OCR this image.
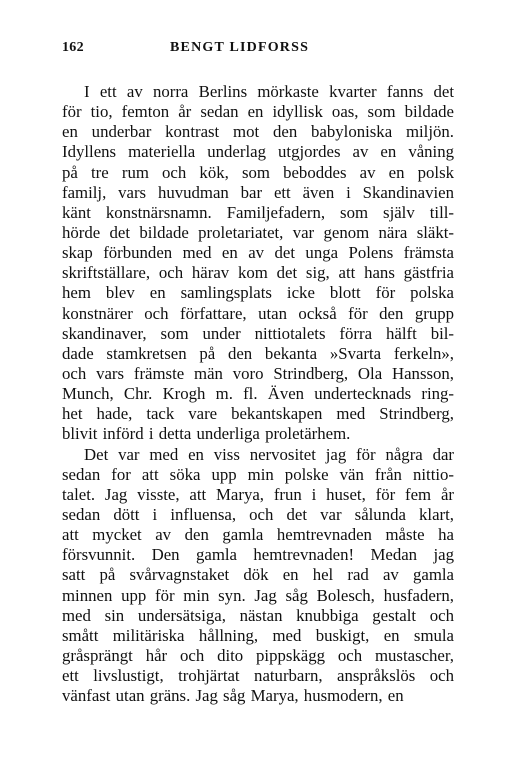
162	BENGT LIDFORSS
I ett av norra Berlins mörkaste kvarter fanns det
för tio, femton år sedan en idyllisk oas, som bildade
en underbar kontrast mot den babyloniska miljön.
Idyllens materiella underlag utgjordes av en våning
på tre rum och kök, som beboddes av en polsk
familj, vars huvudman bar ett även i Skandinavien
känt konstnärsnamn. Familjefadern, som själv till-
hörde det bildade proletariatet, var genom nära släkt-
skap förbunden med en av det unga Polens främsta
skriftställare, och härav kom det sig, att hans gästfria
hem blev en samlingsplats icke blott för polska
konstnärer och författare, utan också för den grupp
skandinaver, som under nittiotalets förra hälft bil-
dade stamkretsen på den bekanta »Svarta ferkeln»,
och vars främste män voro Strindberg, Ola Hansson,
Munch, Chr. Krogh m. fl. Även undertecknads ring-
het hade, tack vare bekantskapen med Strindberg,
blivit införd i detta underliga proletärhem.
Det var med en viss nervositet jag för några dar
sedan for att söka upp min polske vän från nittio-
talet. Jag visste, att Marya, frun i huset, för fem år
sedan dött i influensa, och det var sålunda klart,
att mycket av den gamla hemtrevnaden måste ha
försvunnit. Den gamla hemtrevnaden! Medan jag
satt på svårvagnstaket dök en hel rad av gamla
minnen upp för min syn. Jag såg Bolesch, husfadern,
med sin undersätsiga, nästan knubbiga gestalt och
smått militäriska hållning, med buskigt, en smula
gråsprängt hår och dito pippskägg och mustascher,
ett livslustigt, trohjärtat naturbarn, anspråkslös och
vänfast utan gräns. Jag såg Marya, husmodern, en
